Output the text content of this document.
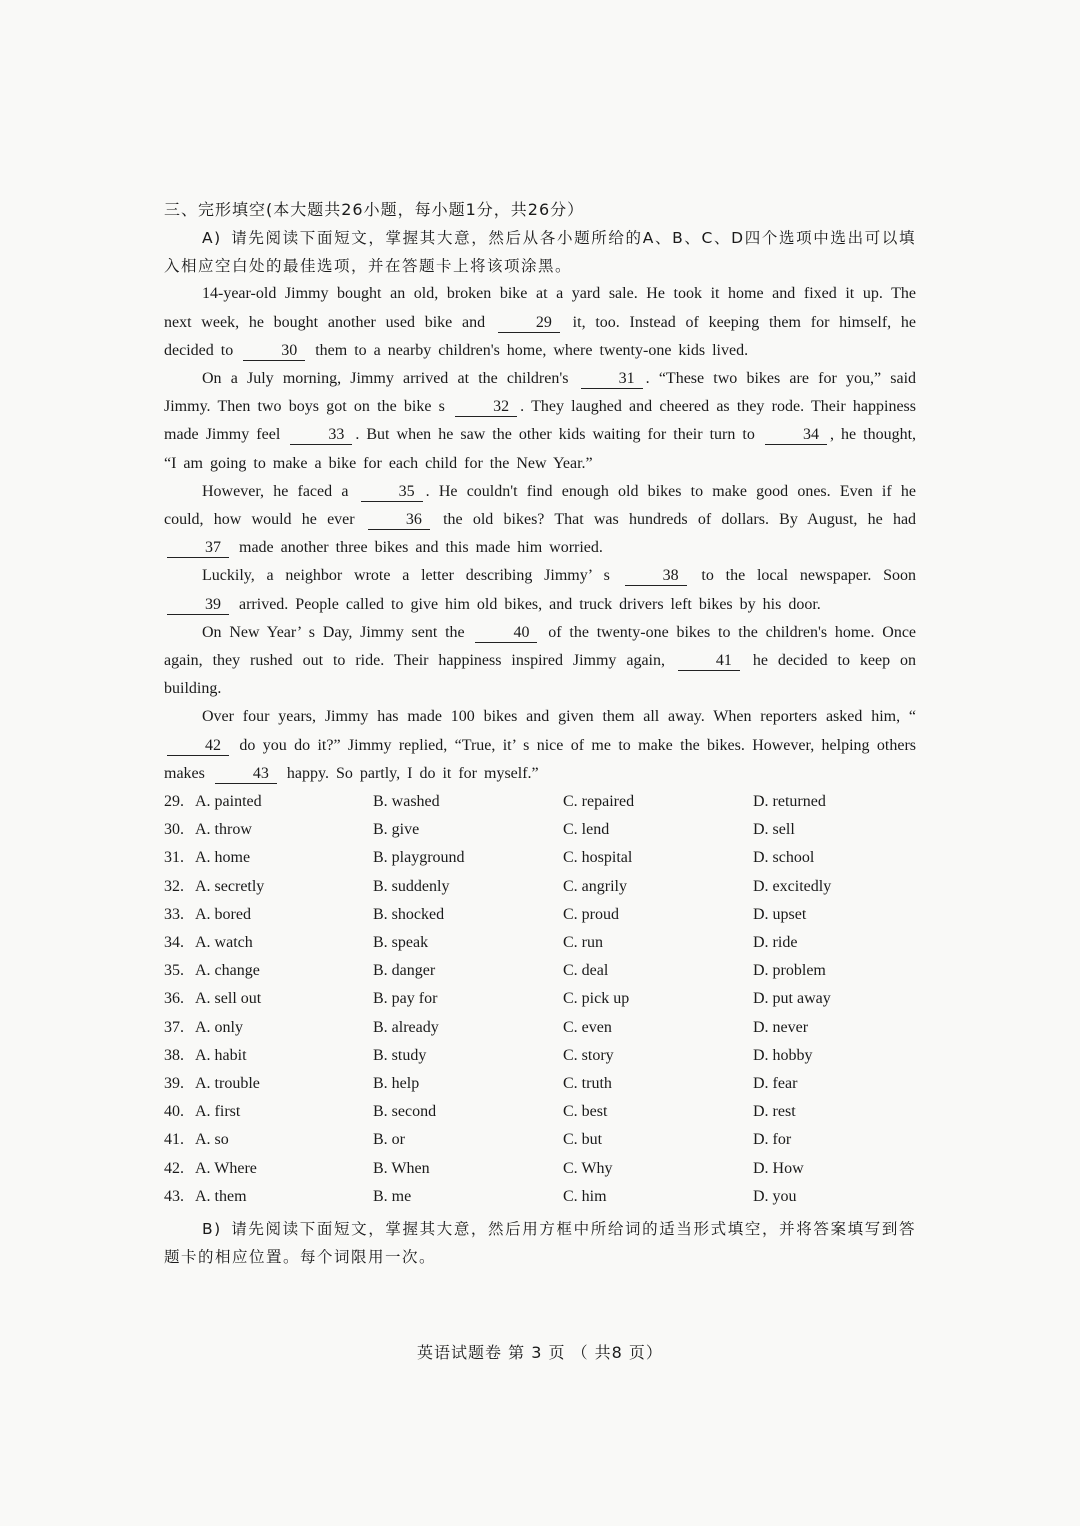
三、完形填空(本大题共26小题，每小题1分，共26分）

A) 请先阅读下面短文，掌握其大意，然后从各小题所给的A、B、C、D四个选项中选出可以填入相应空白处的最佳选项，并在答题卡上将该项涂黑。

14-year-old Jimmy bought an old, broken bike at a yard sale. He took it home and fixed it up. The next week, he bought another used bike and	29 it, too. Instead of keeping them for himself, he decided to	30 them to a nearby children's home, where twenty-one kids lived.

On a July morning, Jimmy arrived at the children's	31 . “These two bikes are for you,” said Jimmy. Then two boys got on the bike s	32 . They laughed and cheered as they rode. Their happiness made Jimmy feel	33 . But when he saw the other kids waiting for their turn to	34 , he thought, “I am going to make a bike for each child for the New Year.”

However, he faced a	35 . He couldn't find enough old bikes to make good ones. Even if he could, how would he ever	36 the old bikes? That was hundreds of dollars. By August, he had 37 made another three bikes and this made him worried.

Luckily, a neighbor wrote a letter describing Jimmy’ s	38 to the local newspaper. Soon 39 arrived. People called to give him old bikes, and truck drivers left bikes by his door.

On New Year’ s Day, Jimmy sent the	40 of the twenty-one bikes to the children's home. Once again, they rushed out to ride. Their happiness inspired Jimmy again,	41 he decided to keep on building.

Over four years, Jimmy has made 100 bikes and given them all away. When reporters asked him, “42 do you do it?” Jimmy replied, “True, it’ s nice of me to make the bikes. However, helping others makes	43 happy. So partly, I do it for myself.”

29. A. painted	B. washed	C. repaired	D. returned
30. A. throw	B. give	C. lend	D. sell
31. A. home	B. playground	C. hospital	D. school
32. A. secretly	B. suddenly	C. angrily	D. excitedly
33. A. bored	B. shocked	C. proud	D. upset
34. A. watch	B. speak	C. run	D. ride
35. A. change	B. danger	C. deal	D. problem
36. A. sell out	B. pay for	C. pick up	D. put away
37. A. only	B. already	C. even	D. never
38. A. habit	B. study	C. story	D. hobby
39. A. trouble	B. help	C. truth	D. fear
40. A. first	B. second	C. best	D. rest
41. A. so	B. or	C. but	D. for
42. A. Where	B. When	C. Why	D. How
43. A. them	B. me	C. him	D. you

B) 请先阅读下面短文，掌握其大意，然后用方框中所给词的适当形式填空，并将答案填写到答题卡的相应位置。每个词限用一次。

英语试题卷 第 3 页 （ 共8 页）
